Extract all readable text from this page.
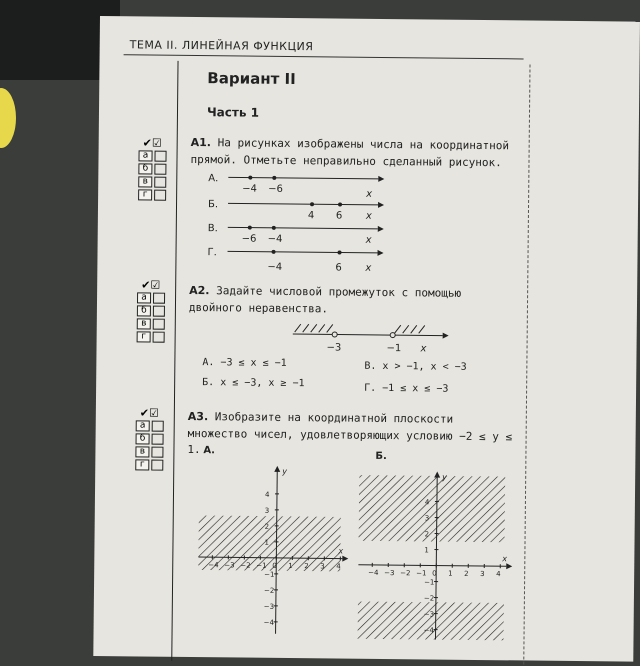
ТЕМА II. ЛИНЕЙНАЯ ФУНКЦИЯ
Вариант II
Часть 1
✔☑
а
б
в
г
А1. На рисунках изображены числа на координатной прямой. Отметьте неправильно сделанный рисунок.
А.
−4 −6	x
Б.
4 6 x
В.
−6 −4	x
Г.
−4	6 x
✔☑
а
б
в
г
А2. Задайте числовой промежуток с помощью двойного неравенства.
−3	−1 x
А. −3 ≤ x ≤ −1	В. x > −1, x < −3
Б. x ≤ −3, x ≥ −1	Г. −1 ≤ x ≤ −3
✔☑
а
б
в
г
А3. Изобразите на координатной плоскости множество чисел, удовлетворяющих условию −2 ≤ y ≤ 1. А.
Б.
4
3
2
1
−1
−2
−3
−4
−4 −3 −2 −1 0 1 2 3 4
y
x
4
3
2
1
−1
−2
−3
−4
−4 −3 −2 −1 0 1 2 3 4
y
x
